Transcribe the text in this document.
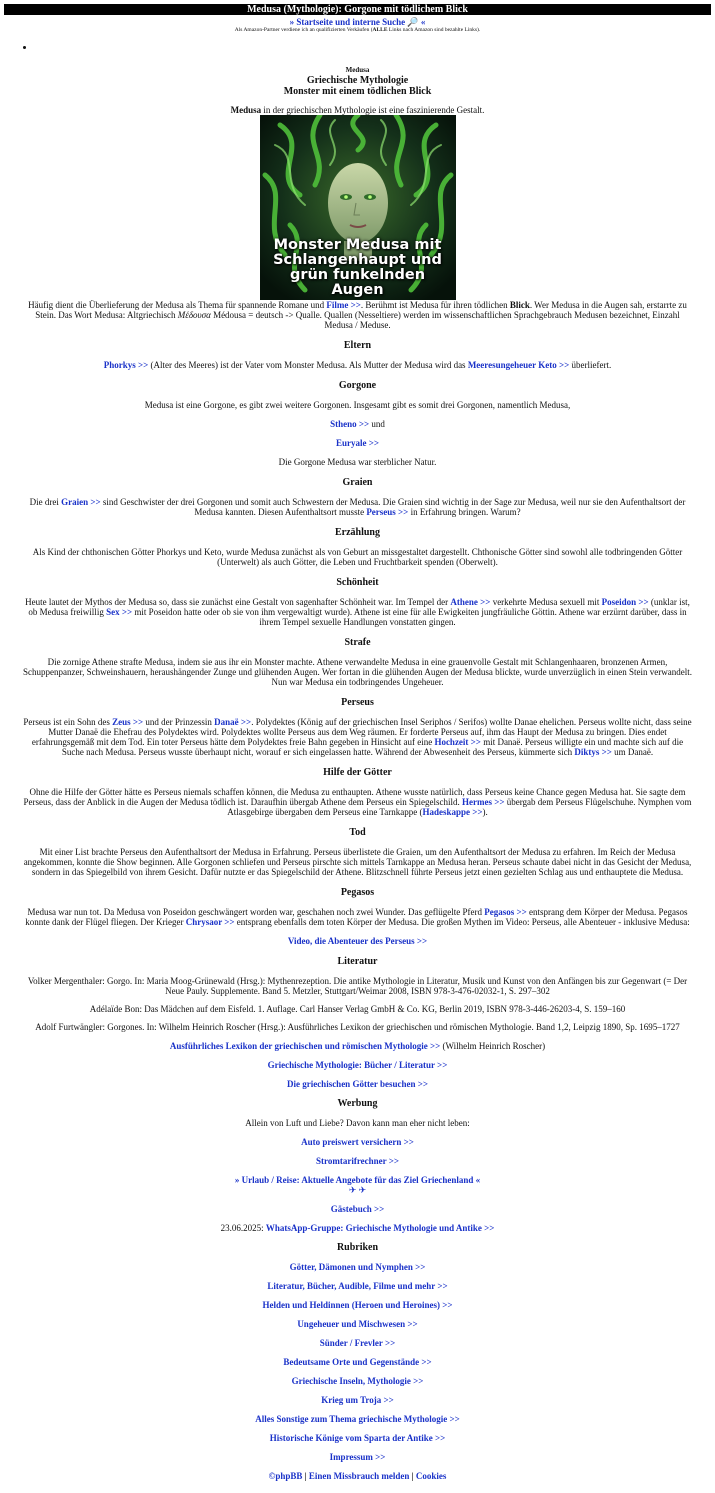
Medusa (Mythologie): Gorgone mit tödlichem Blick
» Startseite und interne Suche 🔎 «
Als Amazon-Partner verdiene ich an qualifizierten Verkäufen (ALLE Links nach Amazon sind bezahlte Links).
•
Medusa
Griechische Mythologie
Monster mit einem tödlichen Blick
Medusa in der griechischen Mythologie ist eine faszinierende Gestalt.
Monster Medusa mit
Schlangenhaupt und
grün funkelnden
Augen
Häufig dient die Überlieferung der Medusa als Thema für spannende Romane und Filme >>. Berühmt ist Medusa für ihren tödlichen Blick. Wer Medusa in die Augen sah, erstarrte zu Stein. Das Wort Medusa: Altgriechisch Μέδουσα Médousa = deutsch -> Qualle. Quallen (Nesseltiere) werden im wissenschaftlichen Sprachgebrauch Medusen bezeichnet, Einzahl Medusa / Meduse.
Eltern
Phorkys >> (Alter des Meeres) ist der Vater vom Monster Medusa. Als Mutter der Medusa wird das Meeresungeheuer Keto >> überliefert.
Gorgone
Medusa ist eine Gorgone, es gibt zwei weitere Gorgonen. Insgesamt gibt es somit drei Gorgonen, namentlich Medusa,
Stheno >> und
Euryale >>
Die Gorgone Medusa war sterblicher Natur.
Graien
Die drei Graien >> sind Geschwister der drei Gorgonen und somit auch Schwestern der Medusa. Die Graien sind wichtig in der Sage zur Medusa, weil nur sie den Aufenthaltsort der Medusa kannten. Diesen Aufenthaltsort musste Perseus >> in Erfahrung bringen. Warum?
Erzählung
Als Kind der chthonischen Götter Phorkys und Keto, wurde Medusa zunächst als von Geburt an missgestaltet dargestellt. Chthonische Götter sind sowohl alle todbringenden Götter (Unterwelt) als auch Götter, die Leben und Fruchtbarkeit spenden (Oberwelt).
Schönheit
Heute lautet der Mythos der Medusa so, dass sie zunächst eine Gestalt von sagenhafter Schönheit war. Im Tempel der Athene >> verkehrte Medusa sexuell mit Poseidon >> (unklar ist, ob Medusa freiwillig Sex >> mit Poseidon hatte oder ob sie von ihm vergewaltigt wurde). Athene ist eine für alle Ewigkeiten jungfräuliche Göttin. Athene war erzürnt darüber, dass in ihrem Tempel sexuelle Handlungen vonstatten gingen.
Strafe
Die zornige Athene strafte Medusa, indem sie aus ihr ein Monster machte. Athene verwandelte Medusa in eine grauenvolle Gestalt mit Schlangenhaaren, bronzenen Armen, Schuppenpanzer, Schweinshauern, heraushängender Zunge und glühenden Augen. Wer fortan in die glühenden Augen der Medusa blickte, wurde unverzüglich in einen Stein verwandelt. Nun war Medusa ein todbringendes Ungeheuer.
Perseus
Perseus ist ein Sohn des Zeus >> und der Prinzessin Danaë >>. Polydektes (König auf der griechischen Insel Seriphos / Serifos) wollte Danae ehelichen. Perseus wollte nicht, dass seine Mutter Danaë die Ehefrau des Polydektes wird. Polydektes wollte Perseus aus dem Weg räumen. Er forderte Perseus auf, ihm das Haupt der Medusa zu bringen. Dies endet erfahrungsgemäß mit dem Tod. Ein toter Perseus hätte dem Polydektes freie Bahn gegeben in Hinsicht auf eine Hochzeit >> mit Danaë. Perseus willigte ein und machte sich auf die Suche nach Medusa. Perseus wusste überhaupt nicht, worauf er sich eingelassen hatte. Während der Abwesenheit des Perseus, kümmerte sich Diktys >> um Danaë.
Hilfe der Götter
Ohne die Hilfe der Götter hätte es Perseus niemals schaffen können, die Medusa zu enthaupten. Athene wusste natürlich, dass Perseus keine Chance gegen Medusa hat. Sie sagte dem Perseus, dass der Anblick in die Augen der Medusa tödlich ist. Daraufhin übergab Athene dem Perseus ein Spiegelschild. Hermes >> übergab dem Perseus Flügelschuhe. Nymphen vom Atlasgebirge übergaben dem Perseus eine Tarnkappe (Hadeskappe >>).
Tod
Mit einer List brachte Perseus den Aufenthaltsort der Medusa in Erfahrung. Perseus überlistete die Graien, um den Aufenthaltsort der Medusa zu erfahren. Im Reich der Medusa angekommen, konnte die Show beginnen. Alle Gorgonen schliefen und Perseus pirschte sich mittels Tarnkappe an Medusa heran. Perseus schaute dabei nicht in das Gesicht der Medusa, sondern in das Spiegelbild von ihrem Gesicht. Dafür nutzte er das Spiegelschild der Athene. Blitzschnell führte Perseus jetzt einen gezielten Schlag aus und enthauptete die Medusa.
Pegasos
Medusa war nun tot. Da Medusa von Poseidon geschwängert worden war, geschahen noch zwei Wunder. Das geflügelte Pferd Pegasos >> entsprang dem Körper der Medusa. Pegasos konnte dank der Flügel fliegen. Der Krieger Chrysaor >> entsprang ebenfalls dem toten Körper der Medusa. Die großen Mythen im Video: Perseus, alle Abenteuer - inklusive Medusa:
Video, die Abenteuer des Perseus >>
Literatur
Volker Mergenthaler: Gorgo. In: Maria Moog-Grünewald (Hrsg.): Mythenrezeption. Die antike Mythologie in Literatur, Musik und Kunst von den Anfängen bis zur Gegenwart (= Der Neue Pauly. Supplemente. Band 5. Metzler, Stuttgart/Weimar 2008, ISBN 978-3-476-02032-1, S. 297–302
Adélaïde Bon: Das Mädchen auf dem Eisfeld. 1. Auflage. Carl Hanser Verlag GmbH & Co. KG, Berlin 2019, ISBN 978-3-446-26203-4, S. 159–160
Adolf Furtwängler: Gorgones. In: Wilhelm Heinrich Roscher (Hrsg.): Ausführliches Lexikon der griechischen und römischen Mythologie. Band 1,2, Leipzig 1890, Sp. 1695–1727
Ausführliches Lexikon der griechischen und römischen Mythologie >> (Wilhelm Heinrich Roscher)
Griechische Mythologie: Bücher / Literatur >>
Die griechischen Götter besuchen >>
Werbung
Allein von Luft und Liebe? Davon kann man eher nicht leben:
Auto preiswert versichern >>
Stromtarifrechner >>
» Urlaub / Reise: Aktuelle Angebote für das Ziel Griechenland «
✈ ✈
Gästebuch >>
23.06.2025: WhatsApp-Gruppe: Griechische Mythologie und Antike >>
Rubriken
Götter, Dämonen und Nymphen >>
Literatur, Bücher, Audible, Filme und mehr >>
Helden und Heldinnen (Heroen und Heroines) >>
Ungeheuer und Mischwesen >>
Sünder / Frevler >>
Bedeutsame Orte und Gegenstände >>
Griechische Inseln, Mythologie >>
Krieg um Troja >>
Alles Sonstige zum Thema griechische Mythologie >>
Historische Könige vom Sparta der Antike >>
Impressum >>
©phpBB | Einen Missbrauch melden | Cookies
